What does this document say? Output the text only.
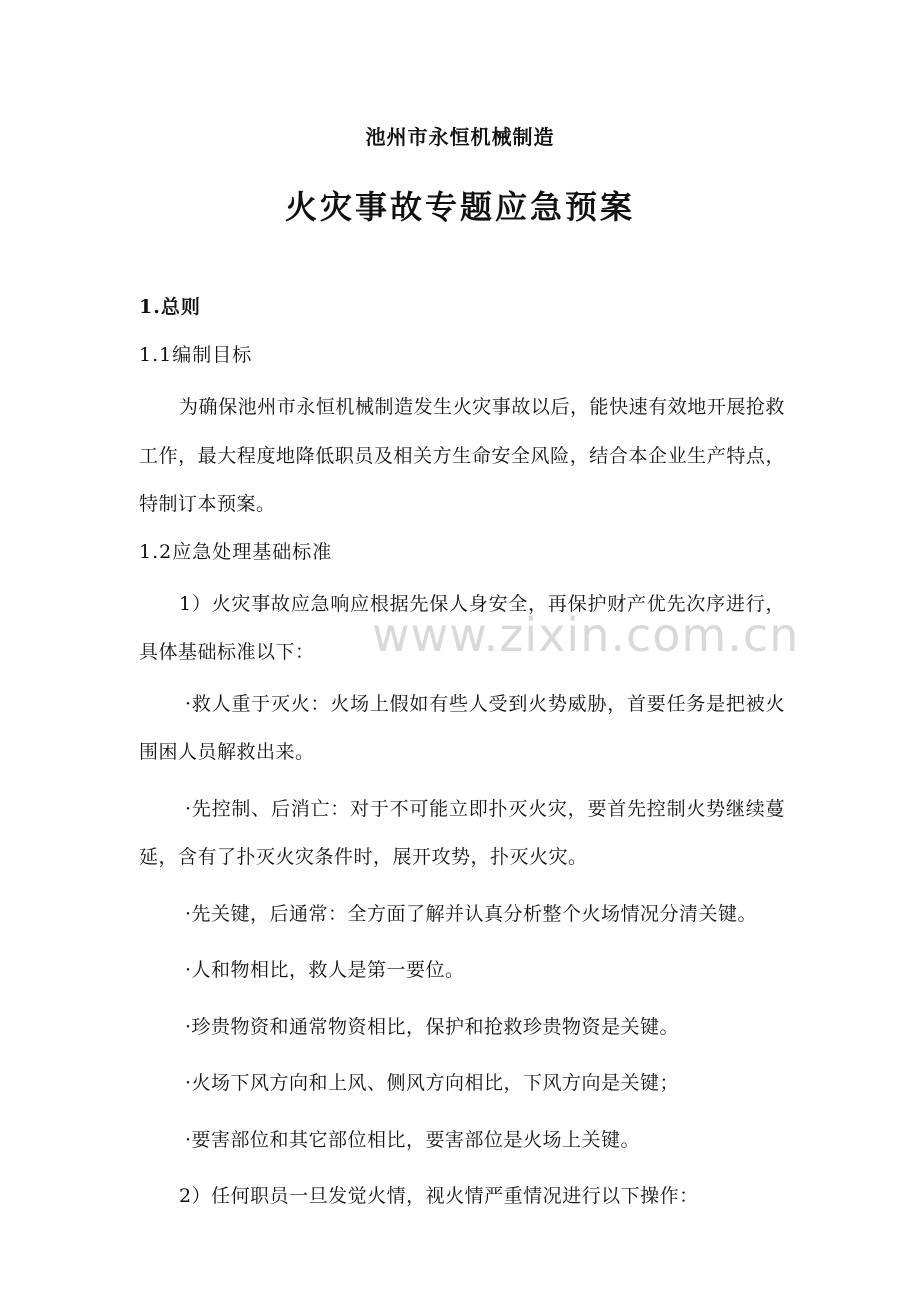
池州市永恒机械制造
火灾事故专题应急预案
1.总则
1.1编制目标

为确保池州市永恒机械制造发生火灾事故以后，能快速有效地开展抢救工作，最大程度地降低职员及相关方生命安全风险，结合本企业生产特点，特制订本预案。

1.2应急处理基础标准

1）火灾事故应急响应根据先保人身安全，再保护财产优先次序进行，具体基础标准以下：

·救人重于灭火：火场上假如有些人受到火势威胁，首要任务是把被火围困人员解救出来。

·先控制、后消亡：对于不可能立即扑灭火灾，要首先控制火势继续蔓延，含有了扑灭火灾条件时，展开攻势，扑灭火灾。

·先关键，后通常：全方面了解并认真分析整个火场情况分清关键。

·人和物相比，救人是第一要位。

·珍贵物资和通常物资相比，保护和抢救珍贵物资是关键。

·火场下风方向和上风、侧风方向相比，下风方向是关键；

·要害部位和其它部位相比，要害部位是火场上关键。

2）任何职员一旦发觉火情，视火情严重情况进行以下操作：

www.zixin.com.cn
